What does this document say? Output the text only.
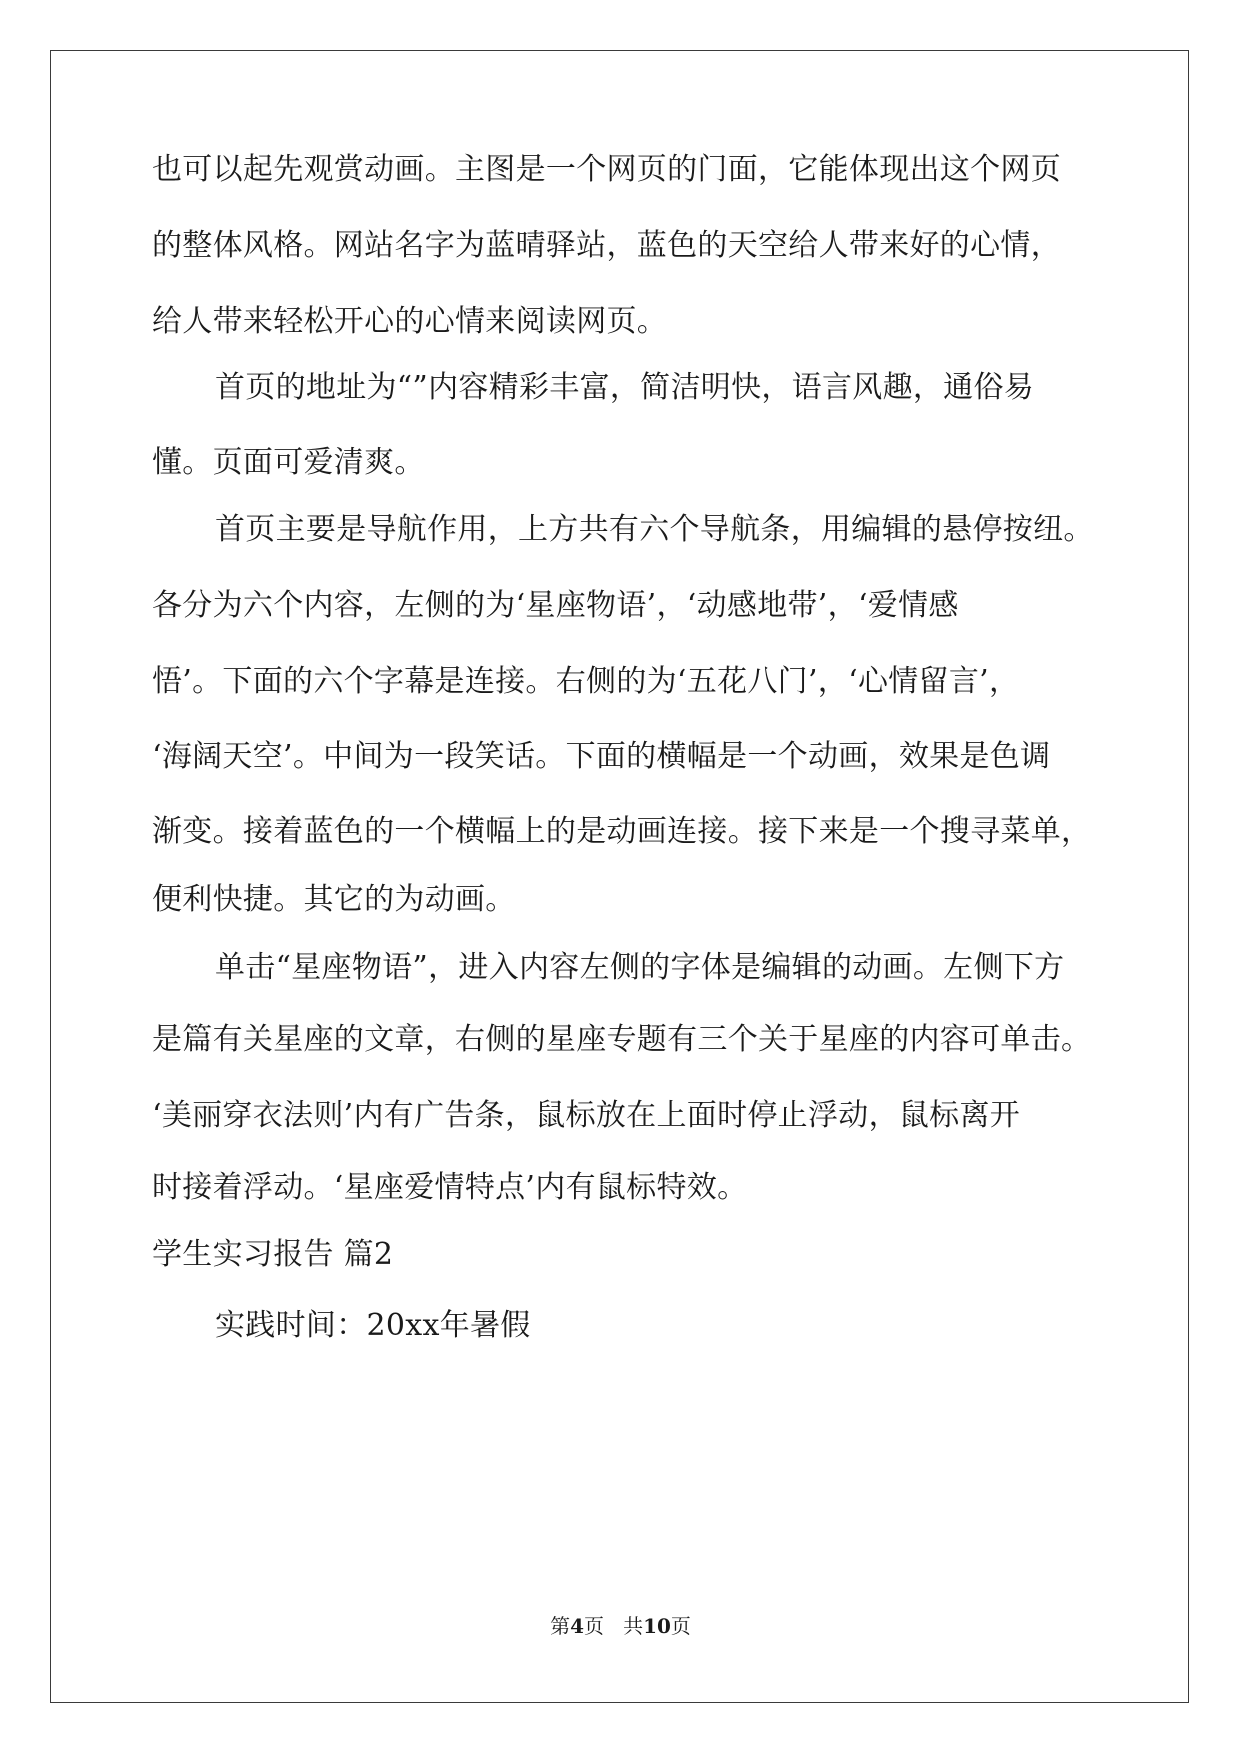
也可以起先观赏动画。主图是一个网页的门面，它能体现出这个网页
的整体风格。网站名字为蓝晴驿站，蓝色的天空给人带来好的心情，
给人带来轻松开心的心情来阅读网页。
首页的地址为“”内容精彩丰富，简洁明快，语言风趣，通俗易
懂。页面可爱清爽。
首页主要是导航作用，上方共有六个导航条，用编辑的悬停按纽。
各分为六个内容，左侧的为‘星座物语’，‘动感地带’，‘爱情感
悟’。下面的六个字幕是连接。右侧的为‘五花八门’，‘心情留言’，
‘海阔天空’。中间为一段笑话。下面的横幅是一个动画，效果是色调
渐变。接着蓝色的一个横幅上的是动画连接。接下来是一个搜寻菜单，
便利快捷。其它的为动画。
单击“星座物语”，进入内容左侧的字体是编辑的动画。左侧下方
是篇有关星座的文章，右侧的星座专题有三个关于星座的内容可单击。
‘美丽穿衣法则’内有广告条，鼠标放在上面时停止浮动，鼠标离开
时接着浮动。‘星座爱情特点’内有鼠标特效。
学生实习报告 篇2
实践时间：20xx年暑假
第4页 共10页
